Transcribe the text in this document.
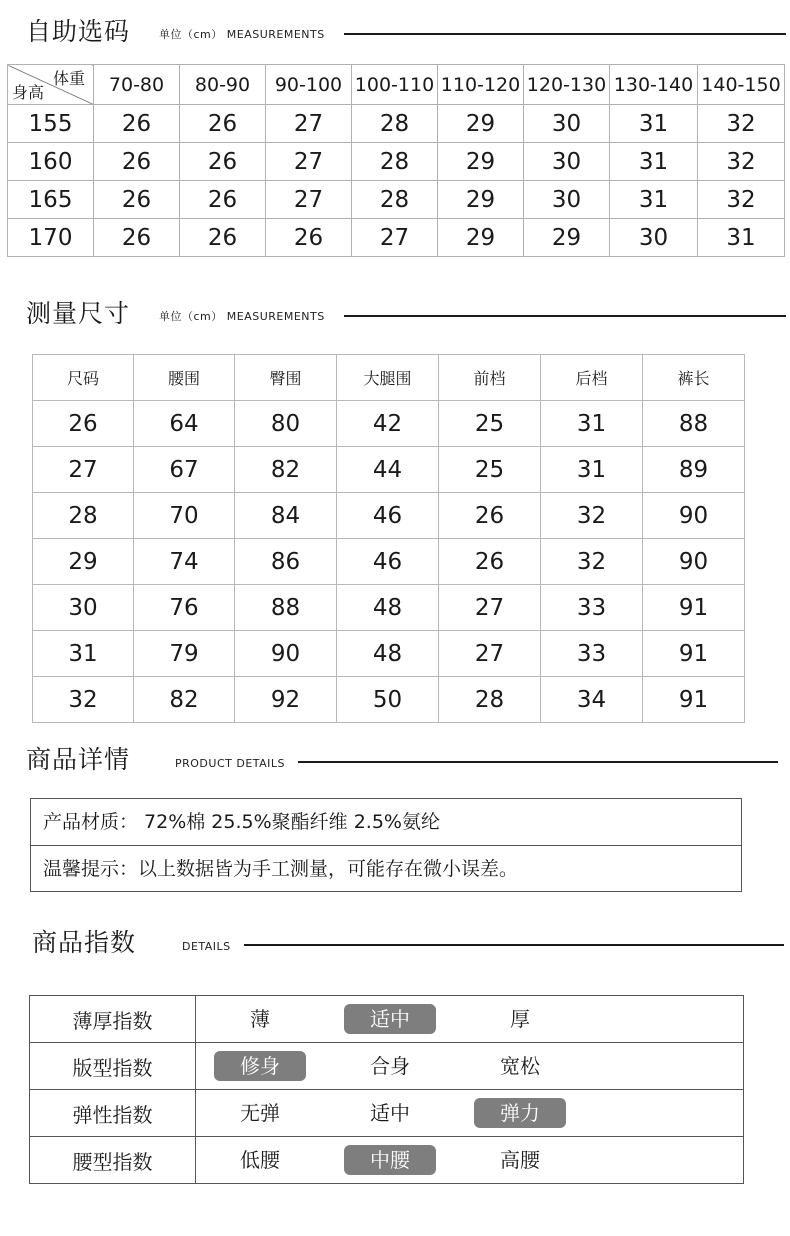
自助选码	单位（cm） MEASUREMENTS
体重
身高	70-80	80-90	90-100	100-110	110-120	120-130	130-140	140-150
155	26	26	27	28	29	30	31	32
160	26	26	27	28	29	30	31	32
165	26	26	27	28	29	30	31	32
170	26	26	26	27	29	29	30	31
测量尺寸	单位（cm） MEASUREMENTS
尺码	腰围	臀围	大腿围	前档	后档	裤长
26	64	80	42	25	31	88
27	67	82	44	25	31	89
28	70	84	46	26	32	90
29	74	86	46	26	32	90
30	76	88	48	27	33	91
31	79	90	48	27	33	91
32	82	92	50	28	34	91
商品详情	PRODUCT DETAILS
产品材质： 72%棉 25.5%聚酯纤维 2.5%氨纶
温馨提示：以上数据皆为手工测量，可能存在微小误差。
商品指数	DETAILS
薄厚指数	薄 适中 厚
版型指数	修身 合身 宽松
弹性指数	无弹 适中 弹力
腰型指数	低腰 中腰 高腰
